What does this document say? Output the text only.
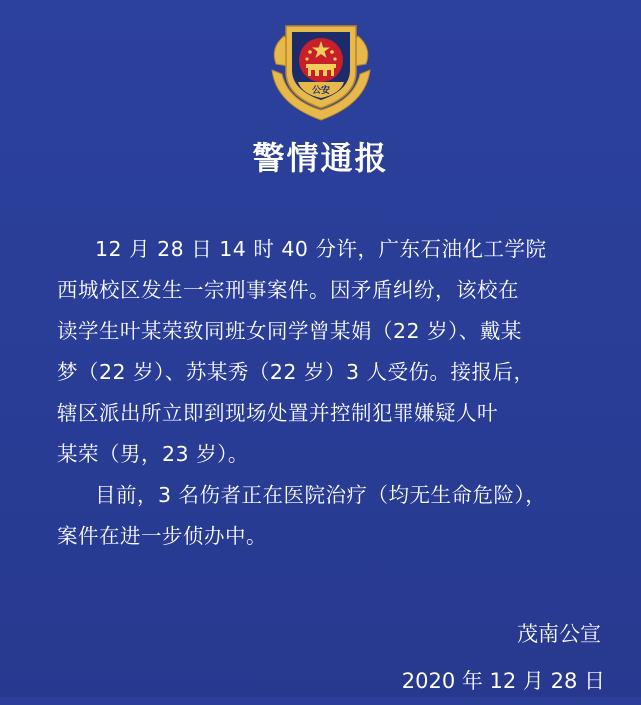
公安
警情通报
12 月 28 日 14 时 40 分许，广东石油化工学院
西城校区发生一宗刑事案件。因矛盾纠纷，该校在
读学生叶某荣致同班女同学曾某娟（22 岁）、戴某
梦（22 岁）、苏某秀（22 岁）3 人受伤。接报后，
辖区派出所立即到现场处置并控制犯罪嫌疑人叶
某荣（男，23 岁）。
目前，3 名伤者正在医院治疗（均无生命危险），
案件在进一步侦办中。
茂南公宣
2020 年 12 月 28 日
